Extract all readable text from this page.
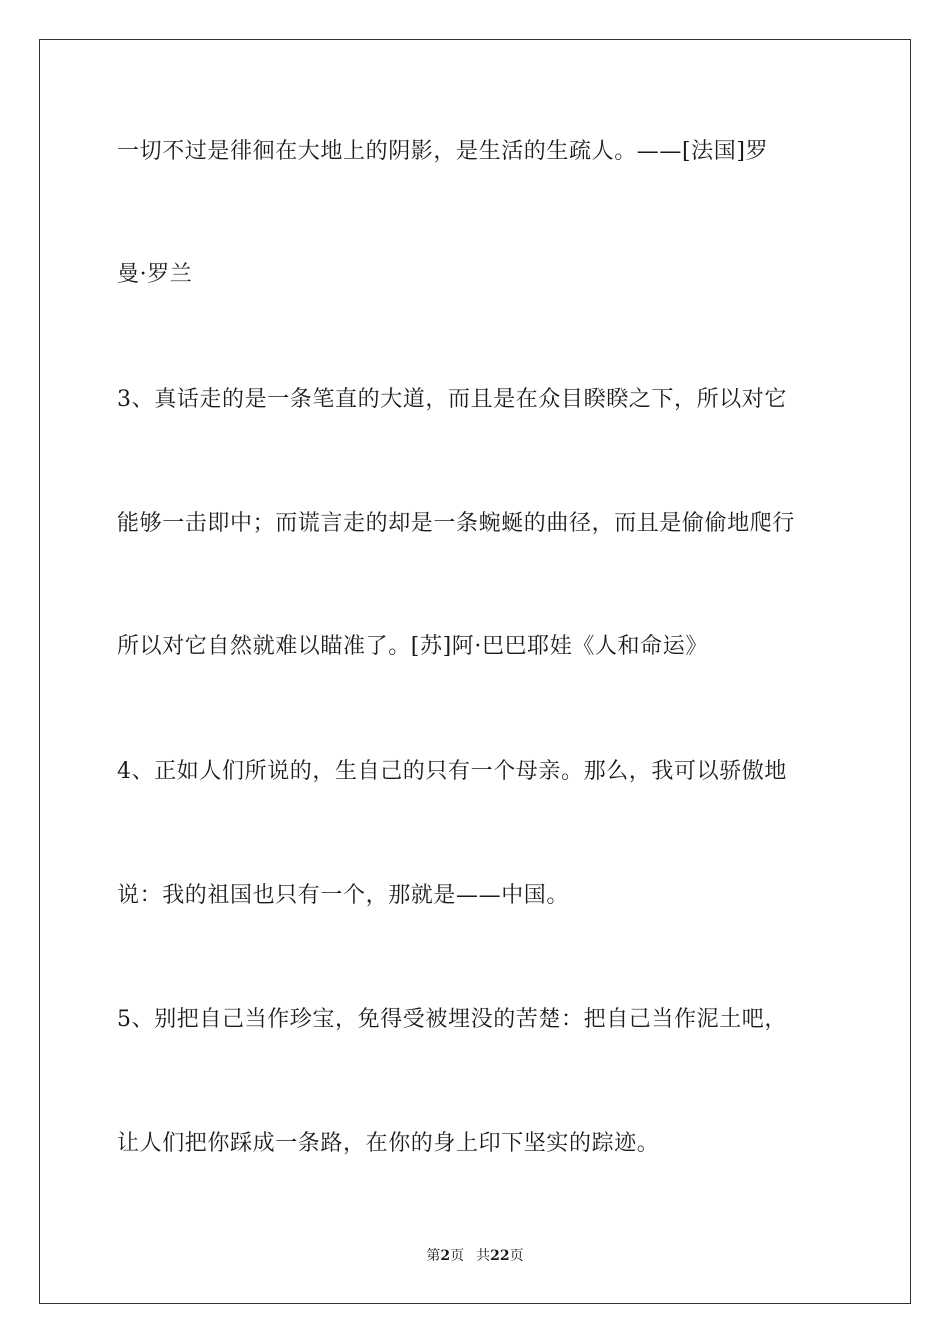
一切不过是徘徊在大地上的阴影，是生活的生疏人。——[法国]罗
曼·罗兰
3、真话走的是一条笔直的大道，而且是在众目睽睽之下，所以对它
能够一击即中；而谎言走的却是一条蜿蜒的曲径，而且是偷偷地爬行
所以对它自然就难以瞄准了。[苏]阿·巴巴耶娃《人和命运》
4、正如人们所说的，生自己的只有一个母亲。那么，我可以骄傲地
说：我的祖国也只有一个，那就是——中国。
5、别把自己当作珍宝，免得受被埋没的苦楚：把自己当作泥土吧，
让人们把你踩成一条路，在你的身上印下坚实的踪迹。
第2页 共22页
